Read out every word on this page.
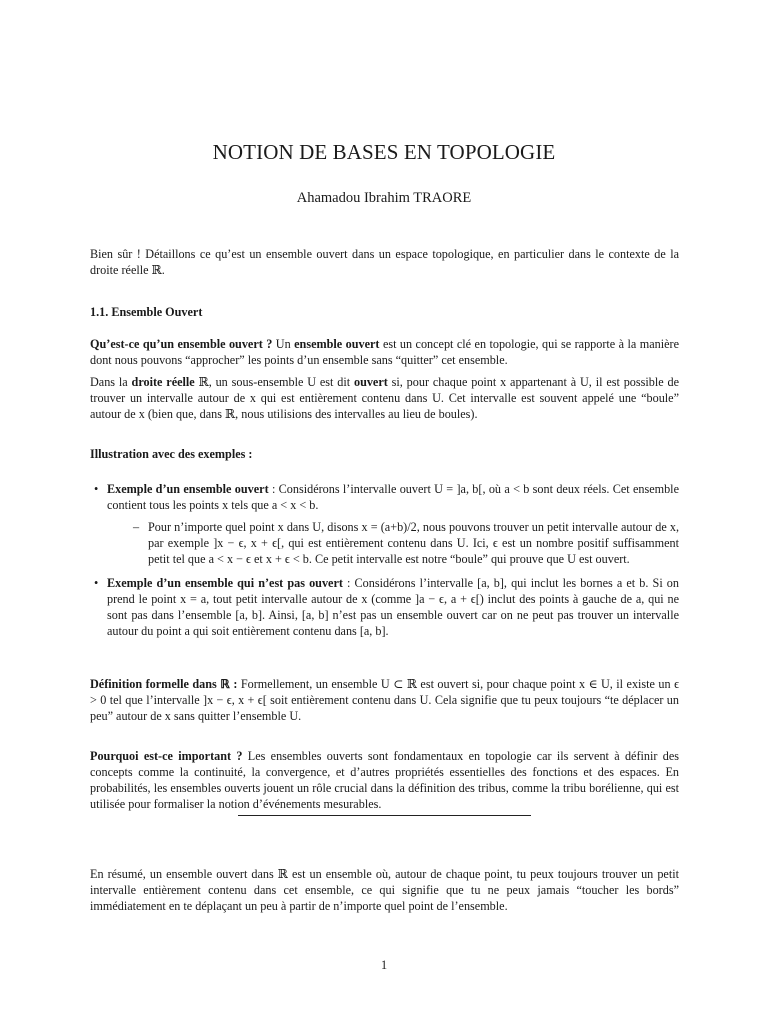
NOTION DE BASES EN TOPOLOGIE
Ahamadou Ibrahim TRAORE

Bien sûr ! Détaillons ce qu’est un ensemble ouvert dans un espace topologique, en particulier dans le contexte de la droite réelle ℝ.

1.1. Ensemble Ouvert

Qu’est-ce qu’un ensemble ouvert ? Un ensemble ouvert est un concept clé en topologie, qui se rapporte à la manière dont nous pouvons “approcher” les points d’un ensemble sans “quitter” cet ensemble.

Dans la droite réelle ℝ, un sous-ensemble U est dit ouvert si, pour chaque point x appartenant à U, il est possible de trouver un intervalle autour de x qui est entièrement contenu dans U. Cet intervalle est souvent appelé une “boule” autour de x (bien que, dans ℝ, nous utilisions des intervalles au lieu de boules).

Illustration avec des exemples :

• Exemple d’un ensemble ouvert : Considérons l’intervalle ouvert U = ]a, b[, où a < b sont deux réels. Cet ensemble contient tous les points x tels que a < x < b.

– Pour n’importe quel point x dans U, disons x = (a+b)/2, nous pouvons trouver un petit intervalle autour de x, par exemple ]x − ϵ, x + ϵ[, qui est entièrement contenu dans U. Ici, ϵ est un nombre positif suffisamment petit tel que a < x − ϵ et x + ϵ < b. Ce petit intervalle est notre “boule” qui prouve que U est ouvert.

• Exemple d’un ensemble qui n’est pas ouvert : Considérons l’intervalle [a, b], qui inclut les bornes a et b. Si on prend le point x = a, tout petit intervalle autour de x (comme ]a − ϵ, a + ϵ[) inclut des points à gauche de a, qui ne sont pas dans l’ensemble [a, b]. Ainsi, [a, b] n’est pas un ensemble ouvert car on ne peut pas trouver un intervalle autour du point a qui soit entièrement contenu dans [a, b].

Définition formelle dans ℝ : Formellement, un ensemble U ⊂ ℝ est ouvert si, pour chaque point x ∈ U, il existe un ϵ > 0 tel que l’intervalle ]x − ϵ, x + ϵ[ soit entièrement contenu dans U. Cela signifie que tu peux toujours “te déplacer un peu” autour de x sans quitter l’ensemble U.

Pourquoi est-ce important ? Les ensembles ouverts sont fondamentaux en topologie car ils servent à définir des concepts comme la continuité, la convergence, et d’autres propriétés essentielles des fonctions et des espaces. En probabilités, les ensembles ouverts jouent un rôle crucial dans la définition des tribus, comme la tribu borélienne, qui est utilisée pour formaliser la notion d’événements mesurables.

En résumé, un ensemble ouvert dans ℝ est un ensemble où, autour de chaque point, tu peux toujours trouver un petit intervalle entièrement contenu dans cet ensemble, ce qui signifie que tu ne peux jamais “toucher les bords” immédiatement en te déplaçant un peu à partir de n’importe quel point de l’ensemble.

1
